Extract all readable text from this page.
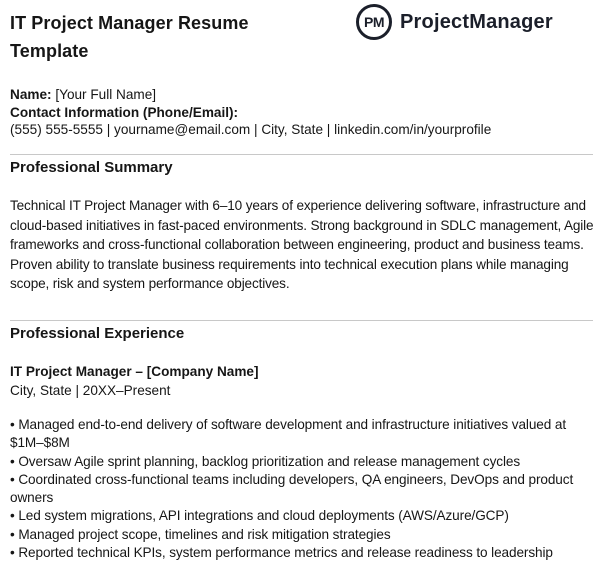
IT Project Manager Resume
Template
PM ProjectManager
Name: [Your Full Name]
Contact Information (Phone/Email):
(555) 555-5555 | yourname@email.com | City, State | linkedin.com/in/yourprofile
Professional Summary
Technical IT Project Manager with 6–10 years of experience delivering software, infrastructure and cloud-based initiatives in fast-paced environments. Strong background in SDLC management, Agile frameworks and cross-functional collaboration between engineering, product and business teams. Proven ability to translate business requirements into technical execution plans while managing scope, risk and system performance objectives.
Professional Experience
IT Project Manager – [Company Name]
City, State | 20XX–Present

• Managed end-to-end delivery of software development and infrastructure initiatives valued at $1M–$8M

• Oversaw Agile sprint planning, backlog prioritization and release management cycles

• Coordinated cross-functional teams including developers, QA engineers, DevOps and product owners

• Led system migrations, API integrations and cloud deployments (AWS/Azure/GCP)

• Managed project scope, timelines and risk mitigation strategies

• Reported technical KPIs, system performance metrics and release readiness to leadership
